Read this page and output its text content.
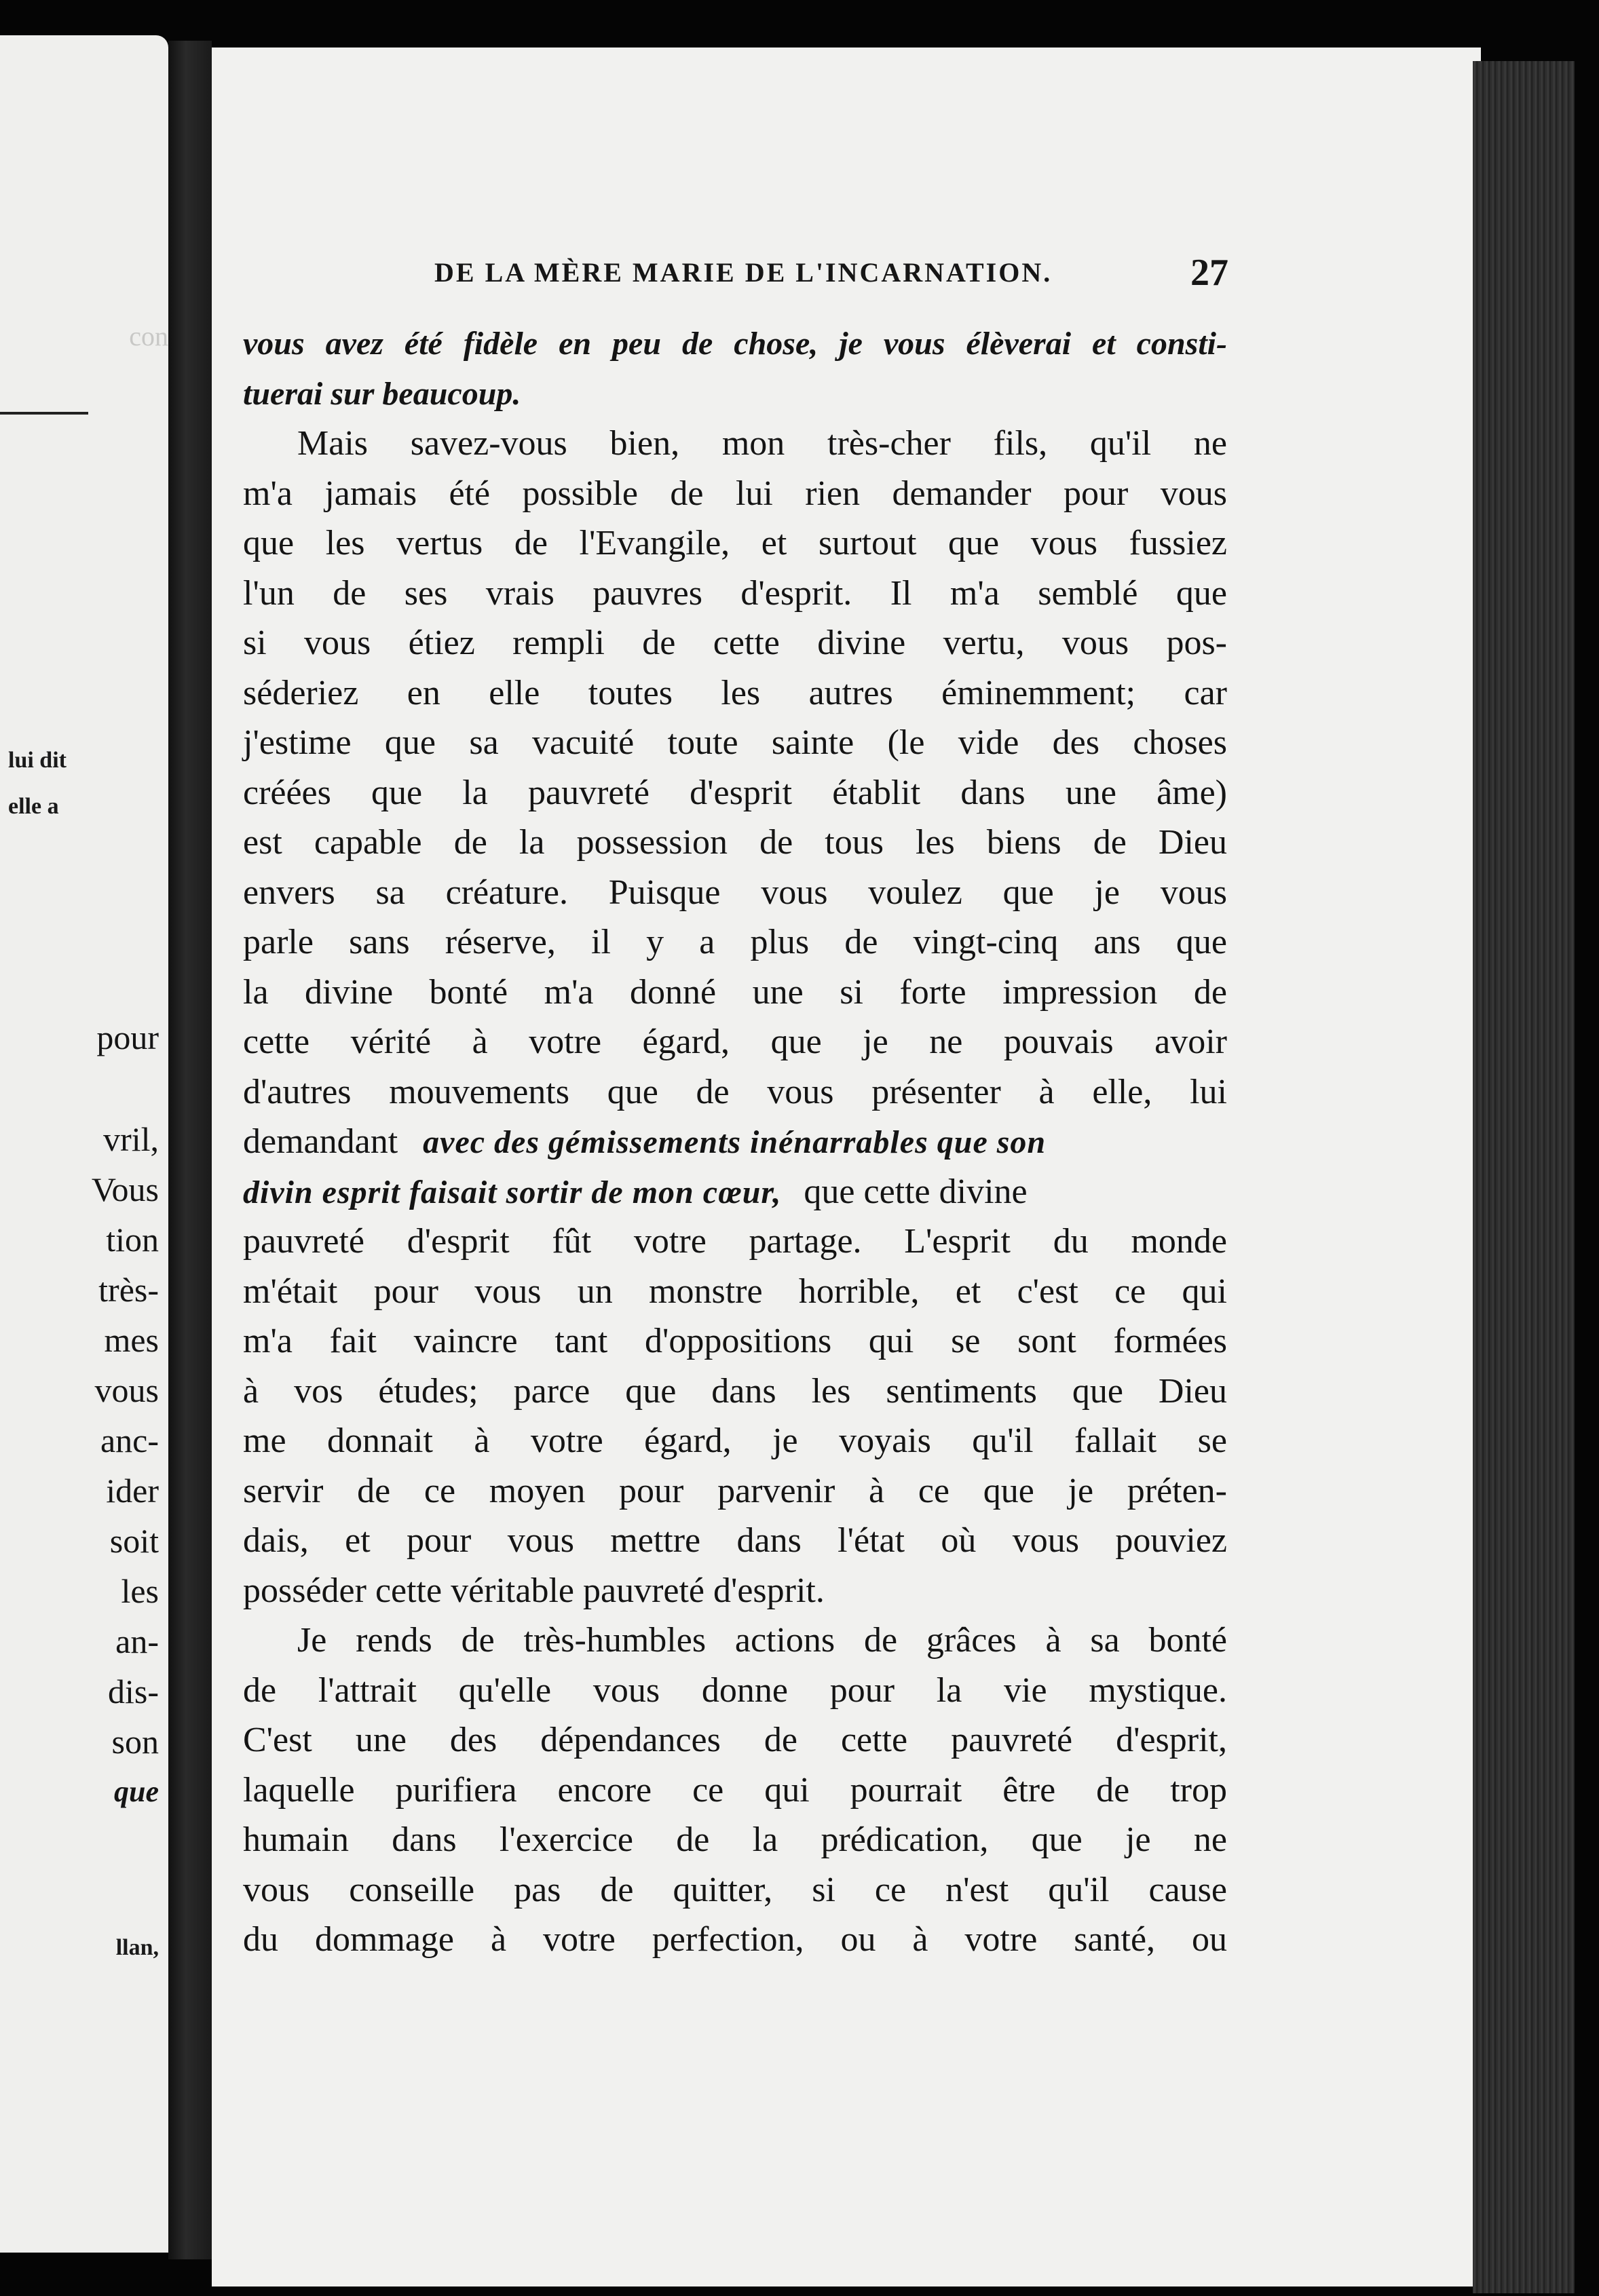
con
lui dit
elle a
pour
vril,
Vous
tion
très-
mes
vous
anc-
ider
soit
les
an-
dis-
son
que
llan,
DE LA MÈRE MARIE DE L'INCARNATION.	27
vous avez été fidèle en peu de chose, je vous élèverai et consti-
tuerai sur beaucoup.
Mais savez-vous bien, mon très-cher fils, qu'il ne
m'a jamais été possible de lui rien demander pour vous
que les vertus de l'Evangile, et surtout que vous fussiez
l'un de ses vrais pauvres d'esprit. Il m'a semblé que
si vous étiez rempli de cette divine vertu, vous pos-
séderiez en elle toutes les autres éminemment; car
j'estime que sa vacuité toute sainte (le vide des choses
créées que la pauvreté d'esprit établit dans une âme)
est capable de la possession de tous les biens de Dieu
envers sa créature. Puisque vous voulez que je vous
parle sans réserve, il y a plus de vingt-cinq ans que
la divine bonté m'a donné une si forte impression de
cette vérité à votre égard, que je ne pouvais avoir
d'autres mouvements que de vous présenter à elle, lui
demandant avec des gémissements inénarrables que son
divin esprit faisait sortir de mon cœur, que cette divine
pauvreté d'esprit fût votre partage. L'esprit du monde
m'était pour vous un monstre horrible, et c'est ce qui
m'a fait vaincre tant d'oppositions qui se sont formées
à vos études; parce que dans les sentiments que Dieu
me donnait à votre égard, je voyais qu'il fallait se
servir de ce moyen pour parvenir à ce que je préten-
dais, et pour vous mettre dans l'état où vous pouviez
posséder cette véritable pauvreté d'esprit.
Je rends de très-humbles actions de grâces à sa bonté
de l'attrait qu'elle vous donne pour la vie mystique.
C'est une des dépendances de cette pauvreté d'esprit,
laquelle purifiera encore ce qui pourrait être de trop
humain dans l'exercice de la prédication, que je ne
vous conseille pas de quitter, si ce n'est qu'il cause
du dommage à votre perfection, ou à votre santé, ou
